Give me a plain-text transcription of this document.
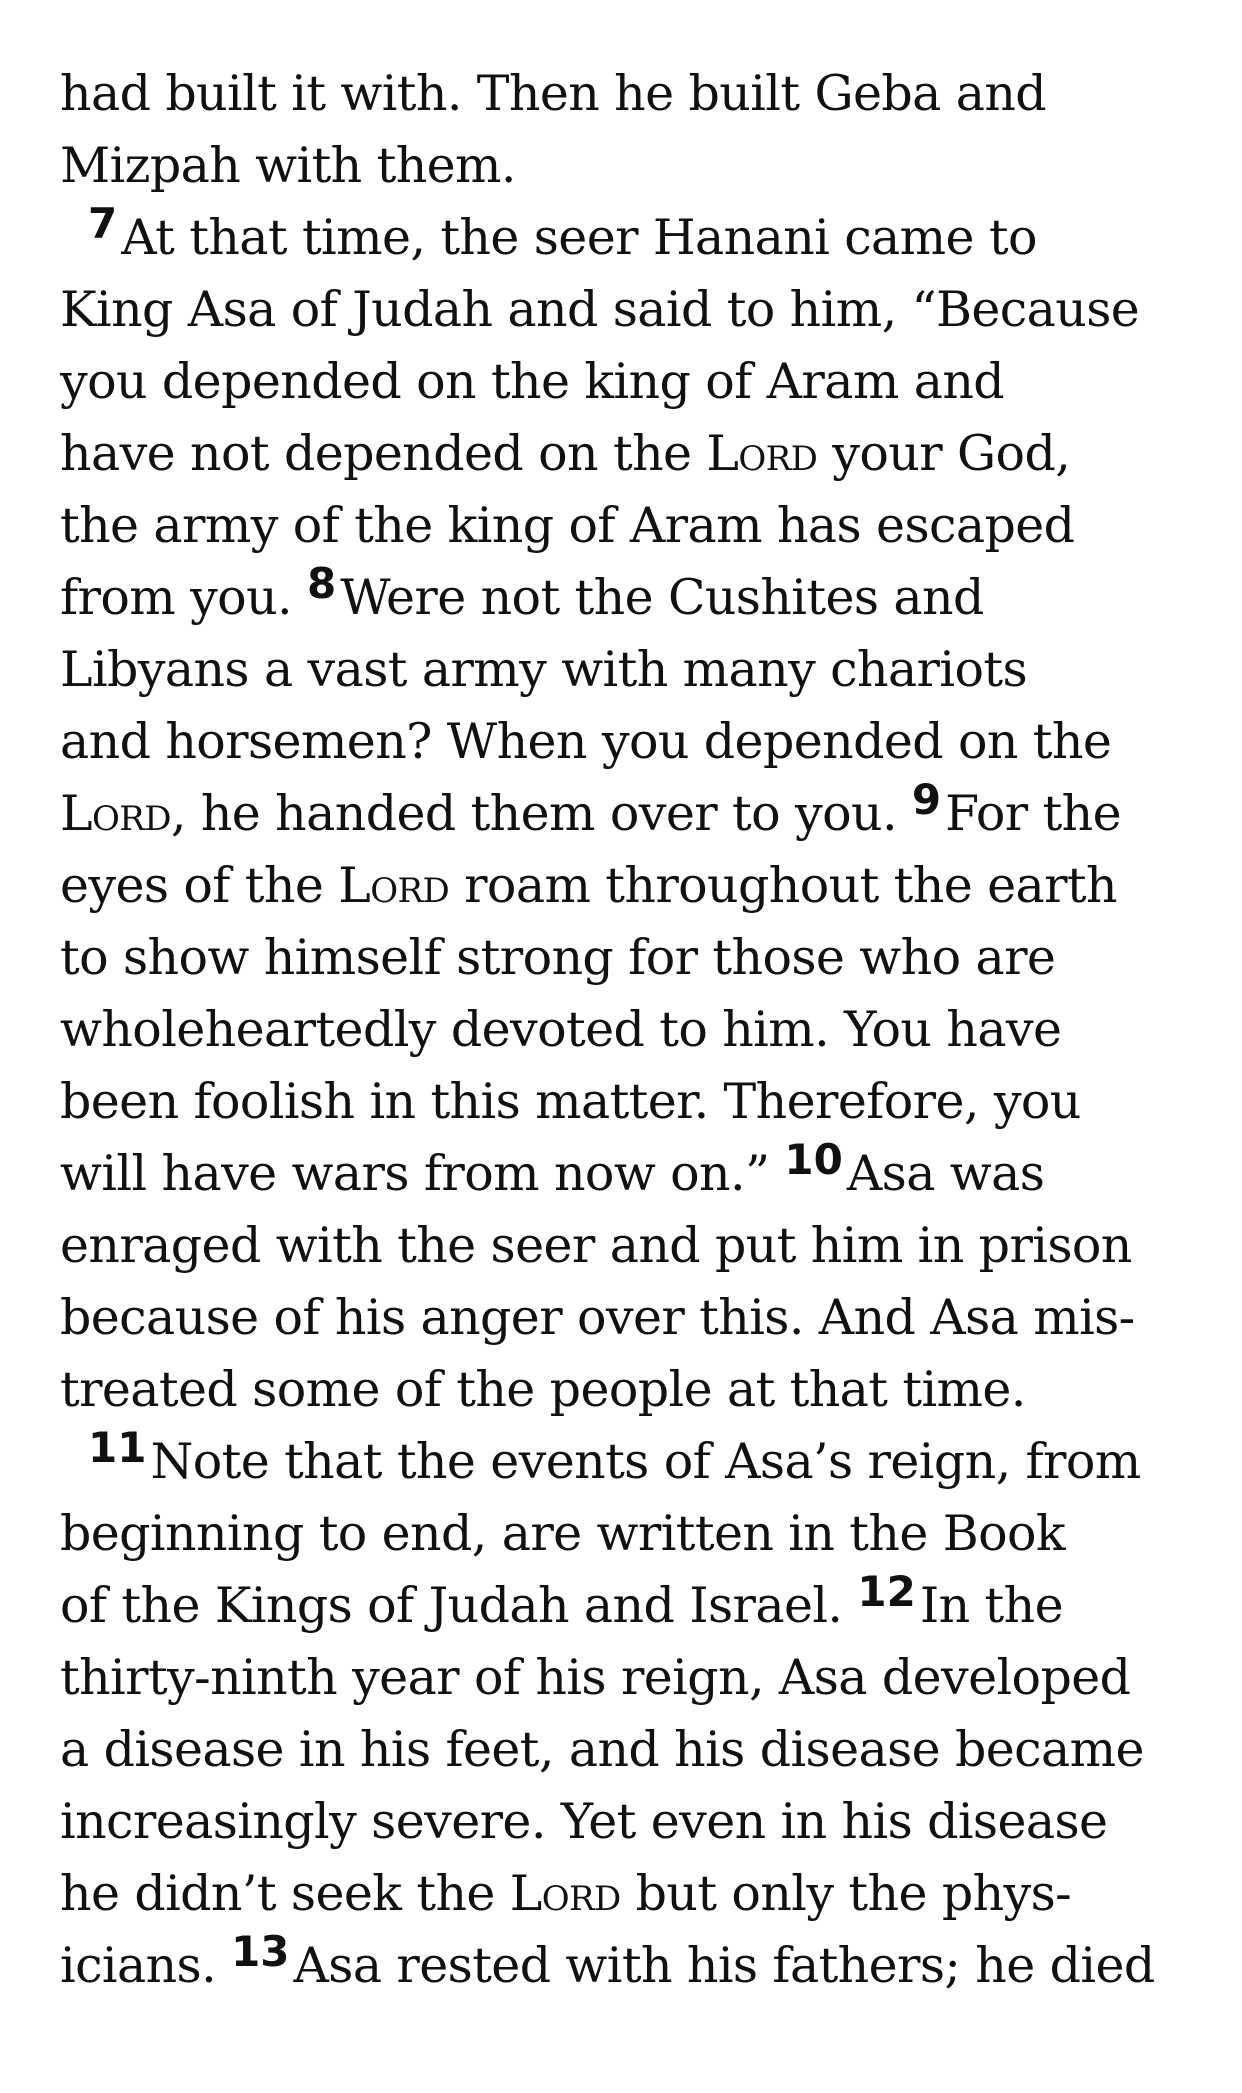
had built it with. Then he built Geba and
Mizpah with them.
7At that time, the seer Hanani came to
King Asa of Judah and said to him, “Because
you depended on the king of Aram and
have not depended on the Lord your God,
the army of the king of Aram has escaped
from you. 8Were not the Cushites and
Libyans a vast army with many chariots
and horsemen? When you depended on the
Lord, he handed them over to you. 9For the
eyes of the Lord roam throughout the earth
to show himself strong for those who are
wholeheartedly devoted to him. You have
been foolish in this matter. Therefore, you
will have wars from now on.” 10Asa was
enraged with the seer and put him in prison
because of his anger over this. And Asa mis-
treated some of the people at that time.
11Note that the events of Asa’s reign, from
beginning to end, are written in the Book
of the Kings of Judah and Israel. 12In the
thirty-ninth year of his reign, Asa developed
a disease in his feet, and his disease became
increasingly severe. Yet even in his disease
he didn’t seek the Lord but only the phys-
icians. 13Asa rested with his fathers; he died
